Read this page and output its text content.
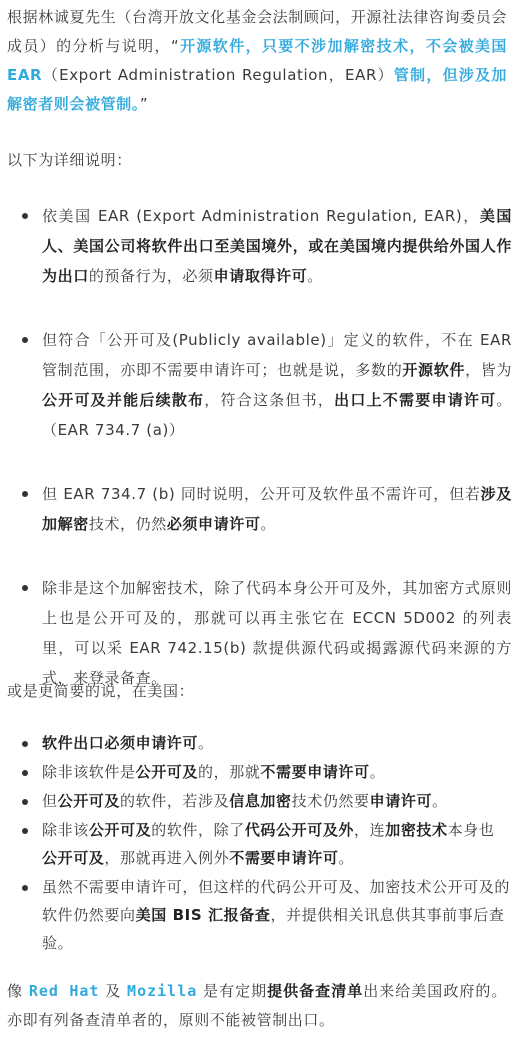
根据林诚夏先生（台湾开放文化基金会法制顾问，开源社法律咨询委员会成员）的分析与说明，“开源软件，只要不涉加解密技术，不会被美国 EAR（Export Administration Regulation，EAR）管制，但涉及加解密者则会被管制。”

以下为详细说明：

依美国 EAR (Export Administration Regulation, EAR)，美国人、美国公司将软件出口至美国境外，或在美国境内提供给外国人作为出口的预备行为，必须申请取得许可。
但符合「公开可及(Publicly available)」定义的软件，不在 EAR 管制范围，亦即不需要申请许可；也就是说，多数的开源软件，皆为公开可及并能后续散布，符合这条但书，出口上不需要申请许可。（EAR 734.7 (a)）
但 EAR 734.7 (b) 同时说明，公开可及软件虽不需许可，但若涉及加解密技术，仍然必须申请许可。
除非是这个加解密技术，除了代码本身公开可及外，其加密方式原则上也是公开可及的，那就可以再主张它在 ECCN 5D002 的列表里，可以采 EAR 742.15(b) 款提供源代码或揭露源代码来源的方式，来登录备查。

或是更简要的说，在美国：

软件出口必须申请许可。
除非该软件是公开可及的，那就不需要申请许可。
但公开可及的软件，若涉及信息加密技术仍然要申请许可。
除非该公开可及的软件，除了代码公开可及外，连加密技术本身也公开可及，那就再进入例外不需要申请许可。
虽然不需要申请许可，但这样的代码公开可及、加密技术公开可及的软件仍然要向美国 BIS 汇报备查，并提供相关讯息供其事前事后查验。

像 Red Hat 及 Mozilla 是有定期提供备查清单出来给美国政府的。亦即有列备查清单者的，原则不能被管制出口。
